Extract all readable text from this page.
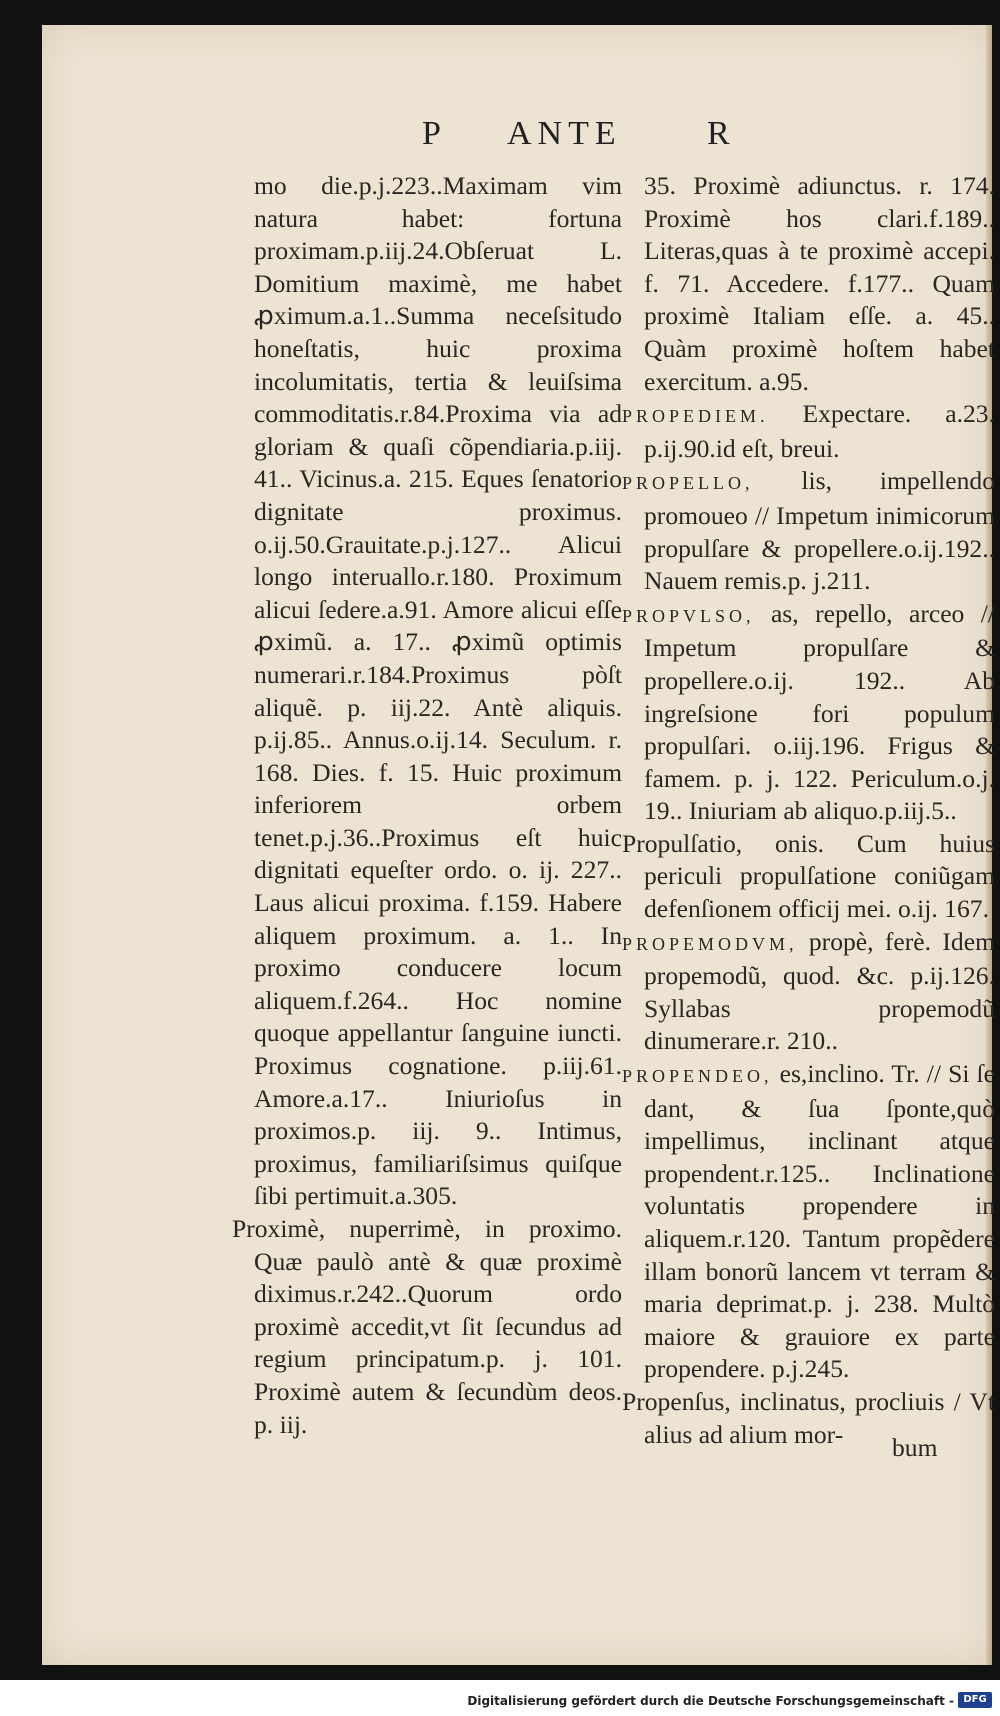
P ANTE	R

mo die.p.j.223..Maximam vim natura habet: fortuna proximam.p.iij.24.Obſeruat L. Domitium maximè, me habet ꝓximum.a.1..Summa neceſsitudo honeſtatis, huic proxima incolumitatis, tertia & leuiſsima commoditatis.r.84.Proxima via ad gloriam & quaſi cõpendiaria.p.iij. 41.. Vicinus.a. 215. Eques ſenatorio dignitate proximus. o.ij.50.Grauitate.p.j.127.. Alicui longo interuallo.r.180. Proximum alicui ſedere.a.91. Amore alicui eſſe ꝓximũ. a. 17.. ꝓximũ optimis numerari.r.184.Proximus pòſt aliquẽ. p. iij.22. Antè aliquis. p.ij.85.. Annus.o.ij.14. Seculum. r. 168. Dies. f. 15. Huic proximum inferiorem orbem tenet.p.j.36..Proximus eſt huic dignitati equeſter ordo. o. ij. 227.. Laus alicui proxima. f.159. Habere aliquem proximum. a. 1.. In proximo conducere locum aliquem.f.264.. Hoc nomine quoque appellantur ſanguine iuncti. Proximus cognatione. p.iij.61. Amore.a.17.. Iniurioſus in proximos.p. iij. 9.. Intimus, proximus, familiariſsimus quiſque ſibi pertimuit.a.305.

Proximè, nuperrimè, in proximo. Quæ paulò antè & quæ proximè diximus.r.242..Quorum ordo proximè accedit,vt ſit ſecundus ad regium principatum.p. j. 101. Proximè autem & ſecundùm deos. p. iij.

35. Proximè adiunctus. r. 174. Proximè hos clari.f.189.. Literas,quas à te proximè accepi. f. 71. Accedere. f.177.. Quam proximè Italiam eſſe. a. 45.. Quàm proximè hoſtem habet exercitum. a.95.

PROPEDIEM. Expectare. a.23. p.ij.90.id eſt, breui.

PROPELLO, lis, impellendo promoueo // Impetum inimicorum propulſare & propellere.o.ij.192.. Nauem remis.p. j.211.

PROPVLSO, as, repello, arceo // Impetum propulſare & propellere.o.ij. 192.. Ab ingreſsione fori populum propulſari. o.iij.196. Frigus & famem. p. j. 122. Periculum.o.j. 19.. Iniuriam ab aliquo.p.iij.5..

Propulſatio, onis. Cum huius periculi propulſatione coniũgam defenſionem officij mei. o.ij. 167.

PROPEMODVM, propè, ferè. Idem propemodũ, quod. &c. p.ij.126. Syllabas propemodũ dinumerare.r. 210..

PROPENDEO, es,inclino. Tr. // Si ſe dant, & ſua ſponte,quò impellimus, inclinant atque propendent.r.125.. Inclinatione voluntatis propendere in aliquem.r.120. Tantum propẽdere illam bonorũ lancem vt terram & maria deprimat.p. j. 238. Multò maiore & grauiore ex parte propendere. p.j.245.

Propenſus, inclinatus, procliuis / Vt alius ad alium mor-	bum
Digitalisierung gefördert durch die Deutsche Forschungsgemeinschaft - DFG
